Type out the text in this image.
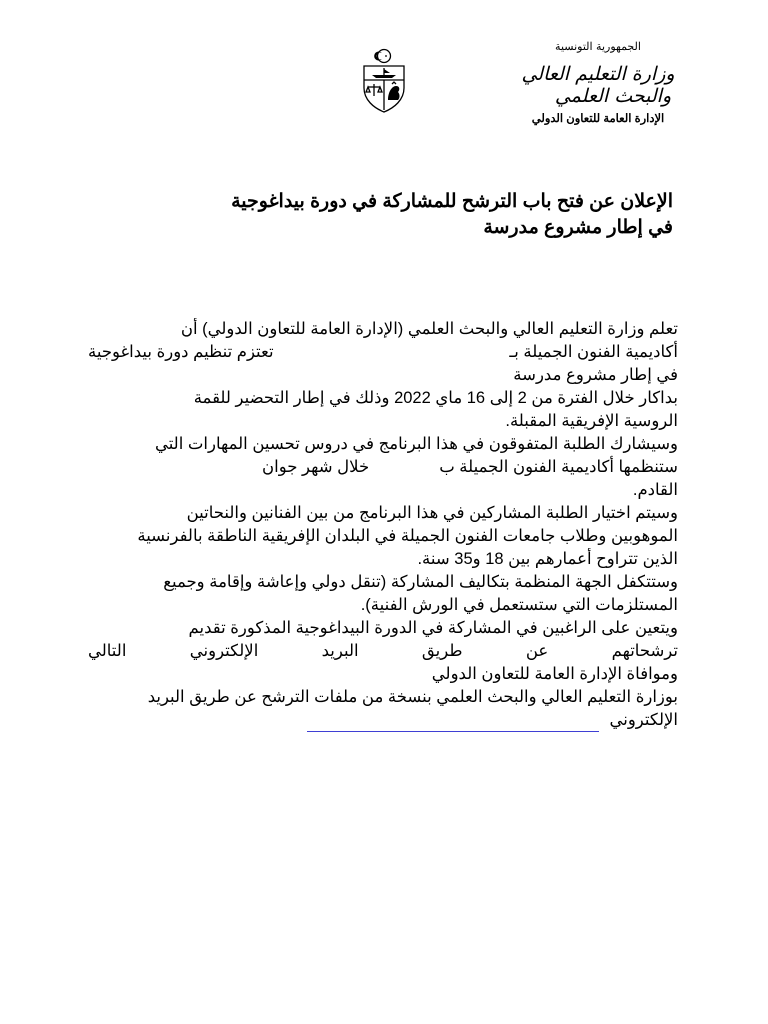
الجمهورية التونسية
وزارة التعليم العالي
والبحث العلمي
الإدارة العامة للتعاون الدولي
الإعلان عن فتح باب الترشح للمشاركة في دورة بيداغوجية
في إطار مشروع مدرسة
تعلم وزارة التعليم العالي والبحث العلمي (الإدارة العامة للتعاون الدولي) أن
أكاديمية الفنون الجميلة بـ
تعتزم تنظيم دورة بيداغوجية
في إطار مشروع مدرسة
بداكار خلال الفترة من 2 إلى 16 ماي 2022 وذلك في إطار التحضير للقمة
الروسية الإفريقية المقبلة.
وسيشارك الطلبة المتفوقون في هذا البرنامج في دروس تحسين المهارات التي
ستنظمها أكاديمية الفنون الجميلة ب
خلال شهر جوان
القادم.
وسيتم اختيار الطلبة المشاركين في هذا البرنامج من بين الفنانين والنحاتين
الموهوبين وطلاب جامعات الفنون الجميلة في البلدان الإفريقية الناطقة بالفرنسية
الذين تتراوح أعمارهم بين 18 و35 سنة.
وستتكفل الجهة المنظمة بتكاليف المشاركة (تنقل دولي وإعاشة وإقامة وجميع
المستلزمات التي ستستعمل في الورش الفنية).
ويتعين على الراغبين في المشاركة في الدورة البيداغوجية المذكورة تقديم
ترشحاتهم
عن
طريق
البريد
الإلكتروني
التالي
وموافاة الإدارة العامة للتعاون الدولي
بوزارة التعليم العالي والبحث العلمي بنسخة من ملفات الترشح عن طريق البريد
الإلكتروني
